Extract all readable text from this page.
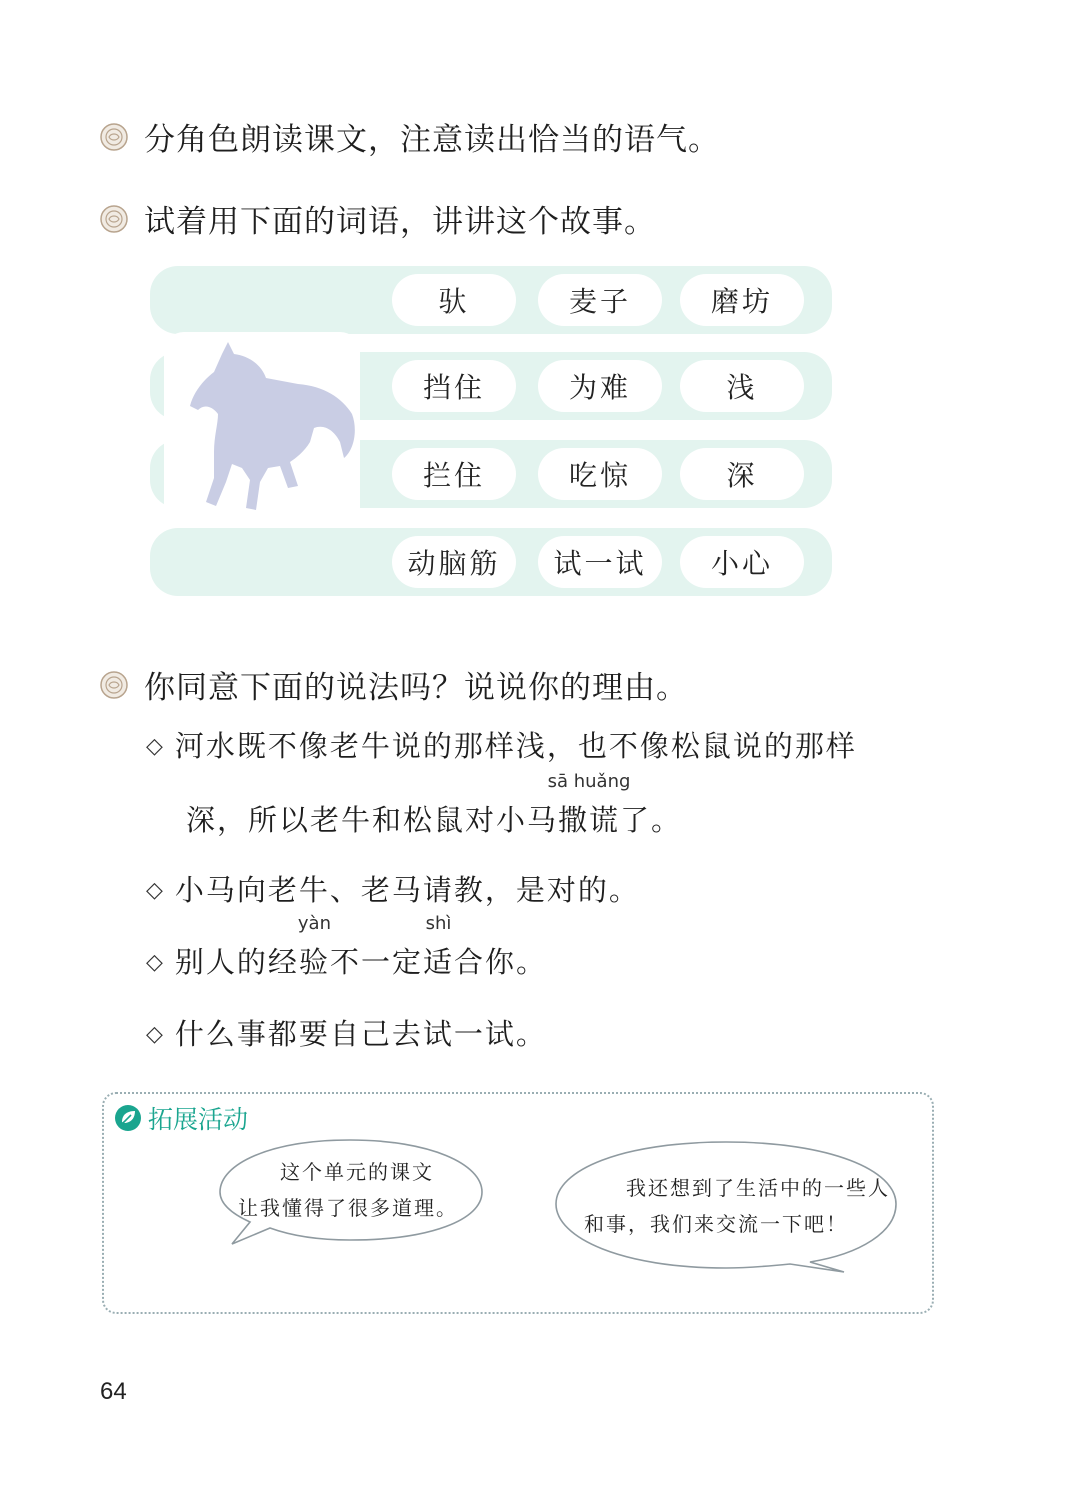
分角色朗读课文，注意读出恰当的语气。
试着用下面的词语，讲讲这个故事。
驮	麦子	磨坊
挡住	为难	浅
拦住	吃惊	深
动脑筋	试一试	小心
你同意下面的说法吗？说说你的理由。
◇ 河水既不像老牛说的那样浅，也不像松鼠说的那样
深，所以老牛和松鼠对小马
sā huǎng
撒谎了。
◇ 小马向老牛、老马请教，是对的。
◇ 别人的经
yàn
验不一定
shì
适合你。
◇ 什么事都要自己去试一试。
拓展活动
这个单元的课文
让我懂得了很多道理。
我还想到了生活中的一些人
和事，我们来交流一下吧！
64
